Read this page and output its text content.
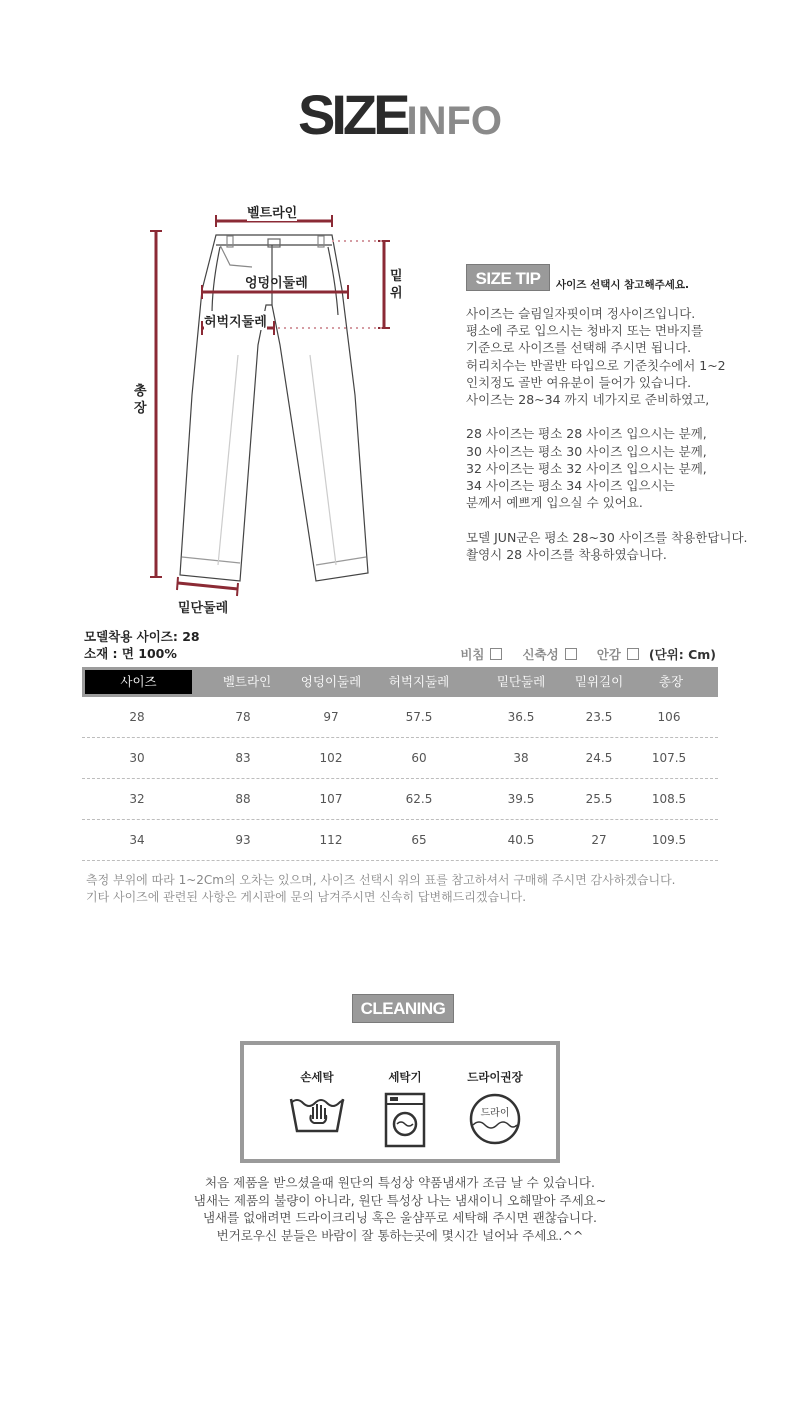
SIZEINFO
벨트라인
엉덩이둘레
허벅지둘레
밑
위
총
장
밑단둘레
SIZE TIP	사이즈 선택시 참고해주세요.

사이즈는 슬림일자핏이며 정사이즈입니다.

평소에 주로 입으시는 청바지 또는 면바지를

기준으로 사이즈를 선택해 주시면 됩니다.

허리치수는 반골반 타입으로 기준칫수에서 1~2

인치정도 골반 여유분이 들어가 있습니다.

사이즈는 28~34 까지 네가지로 준비하였고,

28 사이즈는 평소 28 사이즈 입으시는 분께,

30 사이즈는 평소 30 사이즈 입으시는 분께,

32 사이즈는 평소 32 사이즈 입으시는 분께,

34 사이즈는 평소 34 사이즈 입으시는

분께서 예쁘게 입으실 수 있어요.

모델 JUN군은 평소 28~30 사이즈를 착용한답니다.

촬영시 28 사이즈를 착용하였습니다.

모델착용 사이즈: 28
소재 : 면 100%	비침	신축성	안감 (단위: Cm)
사이즈	벨트라인	엉덩이둘레	허벅지둘레	밑단둘레	밑위길이	총장
28	78	97	57.5	36.5	23.5	106
30	83	102	60	38	24.5	107.5
32	88	107	62.5	39.5	25.5	108.5
34	93	112	65	40.5	27	109.5
측정 부위에 따라 1~2Cm의 오차는 있으며, 사이즈 선택시 위의 표를 참고하셔서 구매해 주시면 감사하겠습니다.
기타 사이즈에 관련된 사항은 게시판에 문의 남겨주시면 신속히 답변해드리겠습니다.
CLEANING
손세탁	세탁기	드라이권장
드라이
처음 제품을 받으셨을때 원단의 특성상 약품냄새가 조금 날 수 있습니다.
냄새는 제품의 불량이 아니라, 원단 특성상 나는 냄새이니 오해말아 주세요~
냄새를 없애려면 드라이크리닝 혹은 울샴푸로 세탁해 주시면 괜찮습니다.
번거로우신 분들은 바람이 잘 통하는곳에 몇시간 널어놔 주세요.^^
